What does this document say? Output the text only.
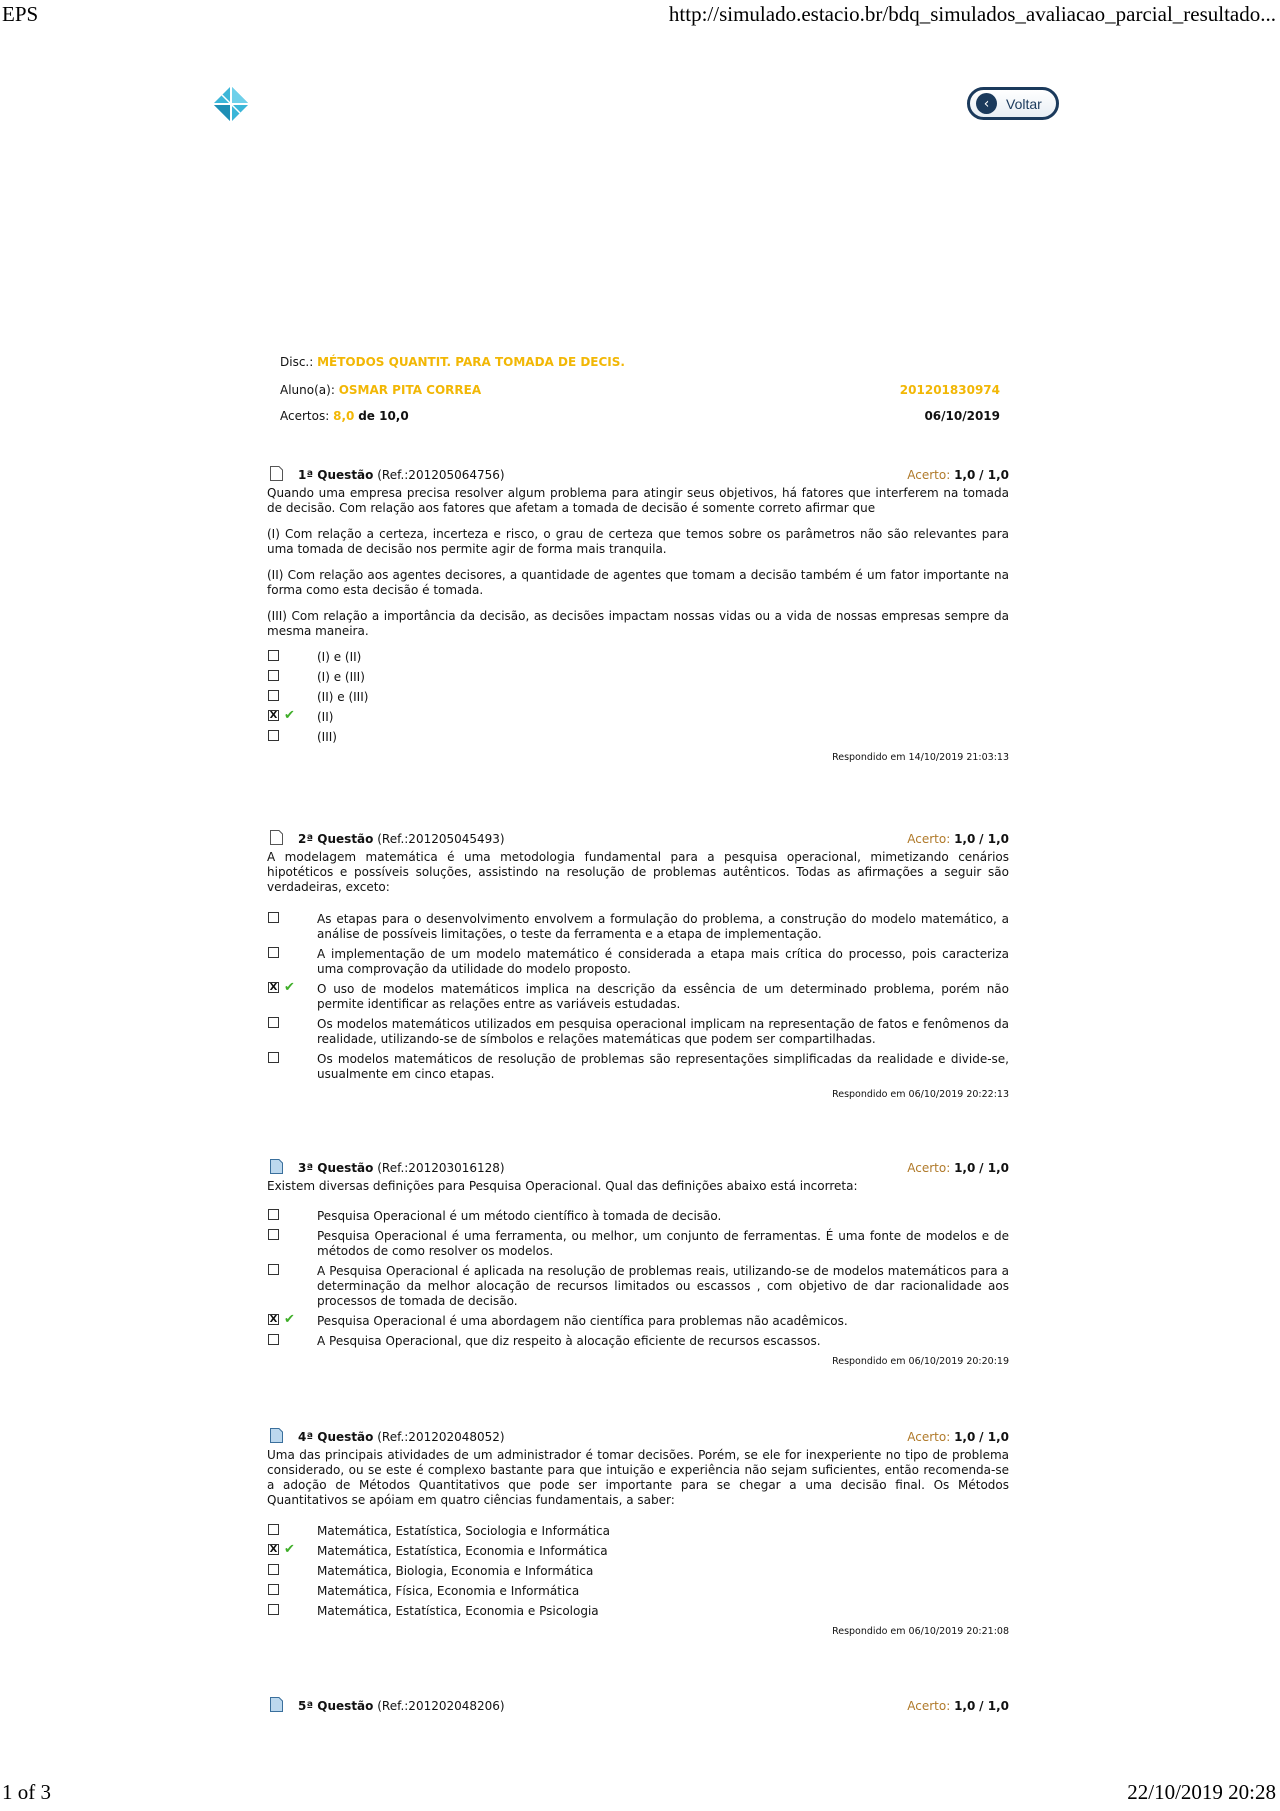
EPS	http://simulado.estacio.br/bdq_simulados_avaliacao_parcial_resultado...
‹	Voltar
Disc.: MÉTODOS QUANTIT. PARA TOMADA DE DECIS.
Aluno(a): OSMAR PITA CORREA	201201830974
Acertos: 8,0 de 10,0	06/10/2019
1ª Questão (Ref.:201205064756)	Acerto: 1,0 / 1,0

Quando uma empresa precisa resolver algum problema para atingir seus objetivos, há fatores que interferem na tomada de decisão. Com relação aos fatores que afetam a tomada de decisão é somente correto afirmar que

(I) Com relação a certeza, incerteza e risco, o grau de certeza que temos sobre os parâmetros não são relevantes para uma tomada de decisão nos permite agir de forma mais tranquila.

(II) Com relação aos agentes decisores, a quantidade de agentes que tomam a decisão também é um fator importante na forma como esta decisão é tomada.

(III) Com relação a importância da decisão, as decisões impactam nossas vidas ou a vida de nossas empresas sempre da mesma maneira.

(I) e (II)
(I) e (III)
(II) e (III)
X ✔ (II)
(III)
Respondido em 14/10/2019 21:03:13
2ª Questão (Ref.:201205045493)	Acerto: 1,0 / 1,0

A modelagem matemática é uma metodologia fundamental para a pesquisa operacional, mimetizando cenários hipotéticos e possíveis soluções, assistindo na resolução de problemas autênticos. Todas as afirmações a seguir são verdadeiras, exceto:

As etapas para o desenvolvimento envolvem a formulação do problema, a construção do modelo matemático, a análise de possíveis limitações, o teste da ferramenta e a etapa de implementação.
A implementação de um modelo matemático é considerada a etapa mais crítica do processo, pois caracteriza uma comprovação da utilidade do modelo proposto.
X ✔ O uso de modelos matemáticos implica na descrição da essência de um determinado problema, porém não permite identificar as relações entre as variáveis estudadas.
Os modelos matemáticos utilizados em pesquisa operacional implicam na representação de fatos e fenômenos da realidade, utilizando-se de símbolos e relações matemáticas que podem ser compartilhadas.
Os modelos matemáticos de resolução de problemas são representações simplificadas da realidade e divide-se, usualmente em cinco etapas.
Respondido em 06/10/2019 20:22:13
3ª Questão (Ref.:201203016128)	Acerto: 1,0 / 1,0

Existem diversas definições para Pesquisa Operacional. Qual das definições abaixo está incorreta:

Pesquisa Operacional é um método científico à tomada de decisão.
Pesquisa Operacional é uma ferramenta, ou melhor, um conjunto de ferramentas. É uma fonte de modelos e de métodos de como resolver os modelos.
A Pesquisa Operacional é aplicada na resolução de problemas reais, utilizando-se de modelos matemáticos para a determinação da melhor alocação de recursos limitados ou escassos , com objetivo de dar racionalidade aos processos de tomada de decisão.
X ✔ Pesquisa Operacional é uma abordagem não científica para problemas não acadêmicos.
A Pesquisa Operacional, que diz respeito à alocação eficiente de recursos escassos.
Respondido em 06/10/2019 20:20:19
4ª Questão (Ref.:201202048052)	Acerto: 1,0 / 1,0

Uma das principais atividades de um administrador é tomar decisões. Porém, se ele for inexperiente no tipo de problema considerado, ou se este é complexo bastante para que intuição e experiência não sejam suficientes, então recomenda-se a adoção de Métodos Quantitativos que pode ser importante para se chegar a uma decisão final. Os Métodos Quantitativos se apóiam em quatro ciências fundamentais, a saber:

Matemática, Estatística, Sociologia e Informática
X ✔ Matemática, Estatística, Economia e Informática
Matemática, Biologia, Economia e Informática
Matemática, Física, Economia e Informática
Matemática, Estatística, Economia e Psicologia
Respondido em 06/10/2019 20:21:08
5ª Questão (Ref.:201202048206)	Acerto: 1,0 / 1,0
1 of 3	22/10/2019 20:28
